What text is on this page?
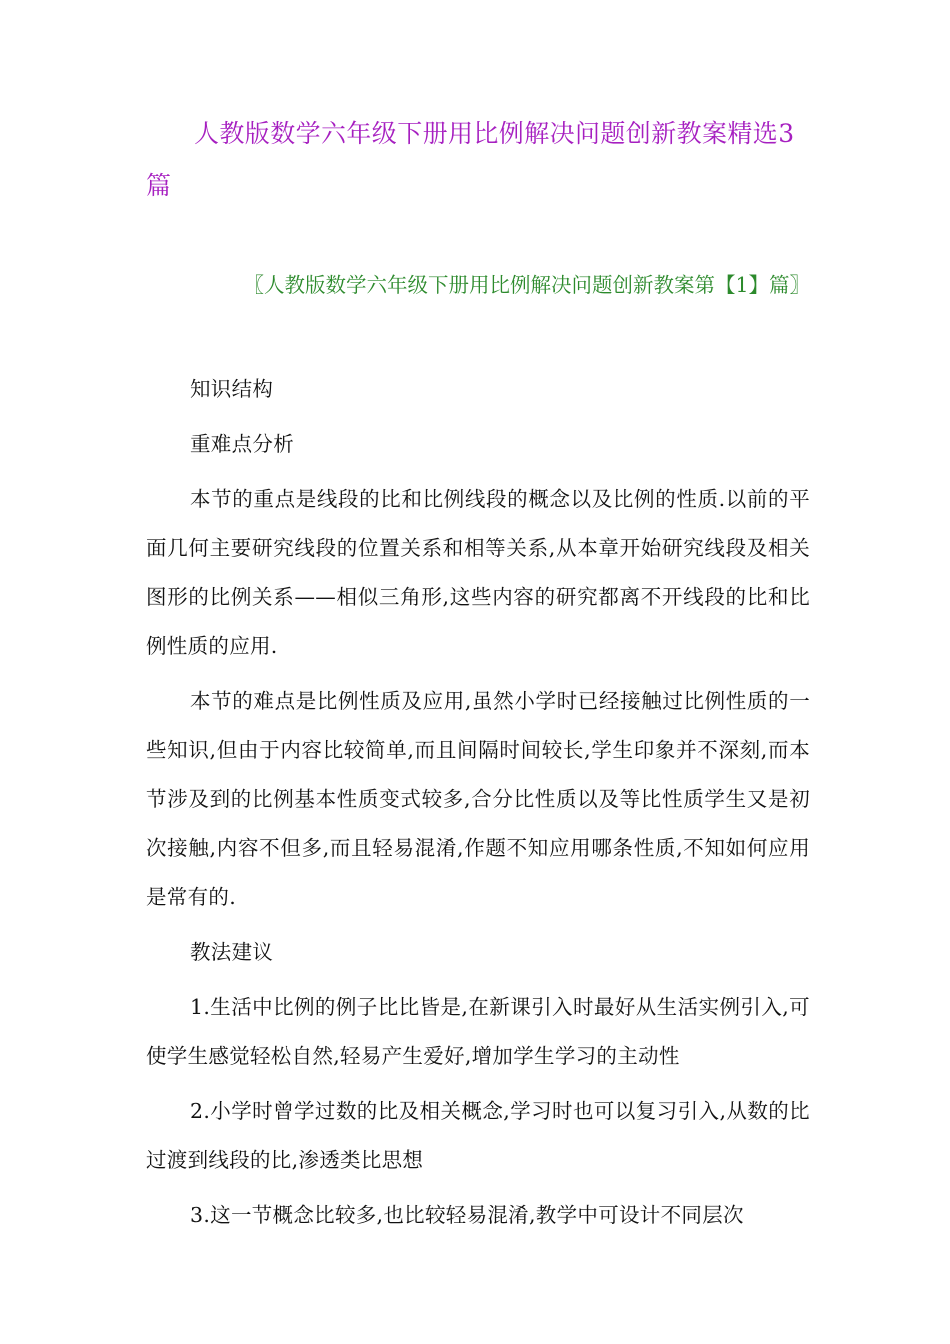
人教版数学六年级下册用比例解决问题创新教案精选3篇
〖人教版数学六年级下册用比例解决问题创新教案第【1】篇〗

知识结构

重难点分析

本节的重点是线段的比和比例线段的概念以及比例的性质.以前的平面几何主要研究线段的位置关系和相等关系,从本章开始研究线段及相关图形的比例关系——相似三角形,这些内容的研究都离不开线段的比和比例性质的应用.

本节的难点是比例性质及应用,虽然小学时已经接触过比例性质的一些知识,但由于内容比较简单,而且间隔时间较长,学生印象并不深刻,而本节涉及到的比例基本性质变式较多,合分比性质以及等比性质学生又是初次接触,内容不但多,而且轻易混淆,作题不知应用哪条性质,不知如何应用是常有的.

教法建议

1.生活中比例的例子比比皆是,在新课引入时最好从生活实例引入,可使学生感觉轻松自然,轻易产生爱好,增加学生学习的主动性

2.小学时曾学过数的比及相关概念,学习时也可以复习引入,从数的比过渡到线段的比,渗透类比思想

3.这一节概念比较多,也比较轻易混淆,教学中可设计不同层次
